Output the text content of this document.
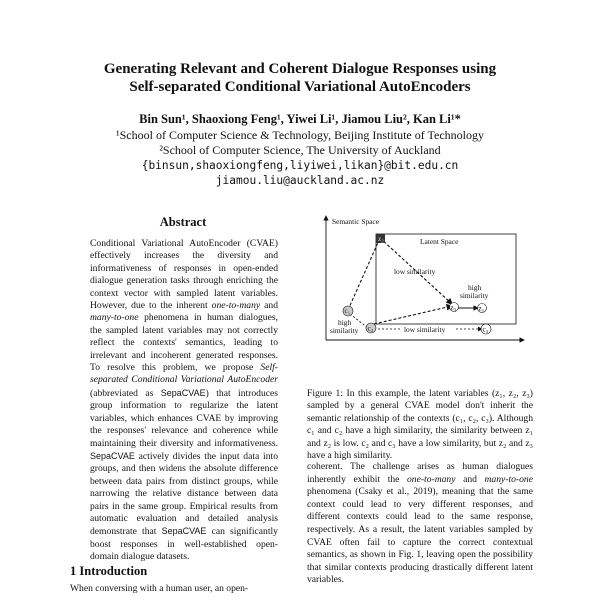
Generating Relevant and Coherent Dialogue Responses using
Self-separated Conditional Variational AutoEncoders
Bin Sun¹, Shaoxiong Feng¹, Yiwei Li¹, Jiamou Liu², Kan Li¹*
¹School of Computer Science & Technology, Beijing Institute of Technology
²School of Computer Science, The University of Auckland
{binsun,shaoxiongfeng,liyiwei,likan}@bit.edu.cn
jiamou.liu@auckland.ac.nz
Abstract

Conditional Variational AutoEncoder (CVAE) effectively increases the diversity and informativeness of responses in open-ended dialogue generation tasks through enriching the context vector with sampled latent variables. However, due to the inherent one-to-many and many-to-one phenomena in human dialogues, the sampled latent variables may not correctly reflect the contexts' semantics, leading to irrelevant and incoherent generated responses. To resolve this problem, we propose Self-separated Conditional Variational AutoEncoder (abbreviated as SepaCVAE) that introduces group information to regularize the latent variables, which enhances CVAE by improving the responses' relevance and coherence while maintaining their diversity and informativeness. SepaCVAE actively divides the input data into groups, and then widens the absolute difference between data pairs from distinct groups, while narrowing the relative distance between data pairs in the same group. Empirical results from automatic evaluation and detailed analysis demonstrate that SepaCVAE can significantly boost responses in well-established open-domain dialogue datasets.

1 Introduction
When conversing with a human user, an open-
Semantic Space
Latent Space
z₂
c₁
c₂	c₃
z₃	z₁
low similarity
high
similarity
high
similarity	low similarity
Figure 1: In this example, the latent variables (z₁, z₂, z₃) sampled by a general CVAE model don't inherit the semantic relationship of the contexts (c₁, c₂, c₃). Although c₁ and c₂ have a high similarity, the similarity between z₁ and z₂ is low. c₂ and c₃ have a low similarity, but z₂ and z₃ have a high similarity.

coherent. The challenge arises as human dialogues inherently exhibit the one-to-many and many-to-one phenomena (Csaky et al., 2019), meaning that the same context could lead to very different responses, and different contexts could lead to the same response, respectively. As a result, the latent variables sampled by CVAE often fail to capture the correct contextual semantics, as shown in Fig. 1, leaving open the possibility that similar contexts producing drastically different latent variables.
